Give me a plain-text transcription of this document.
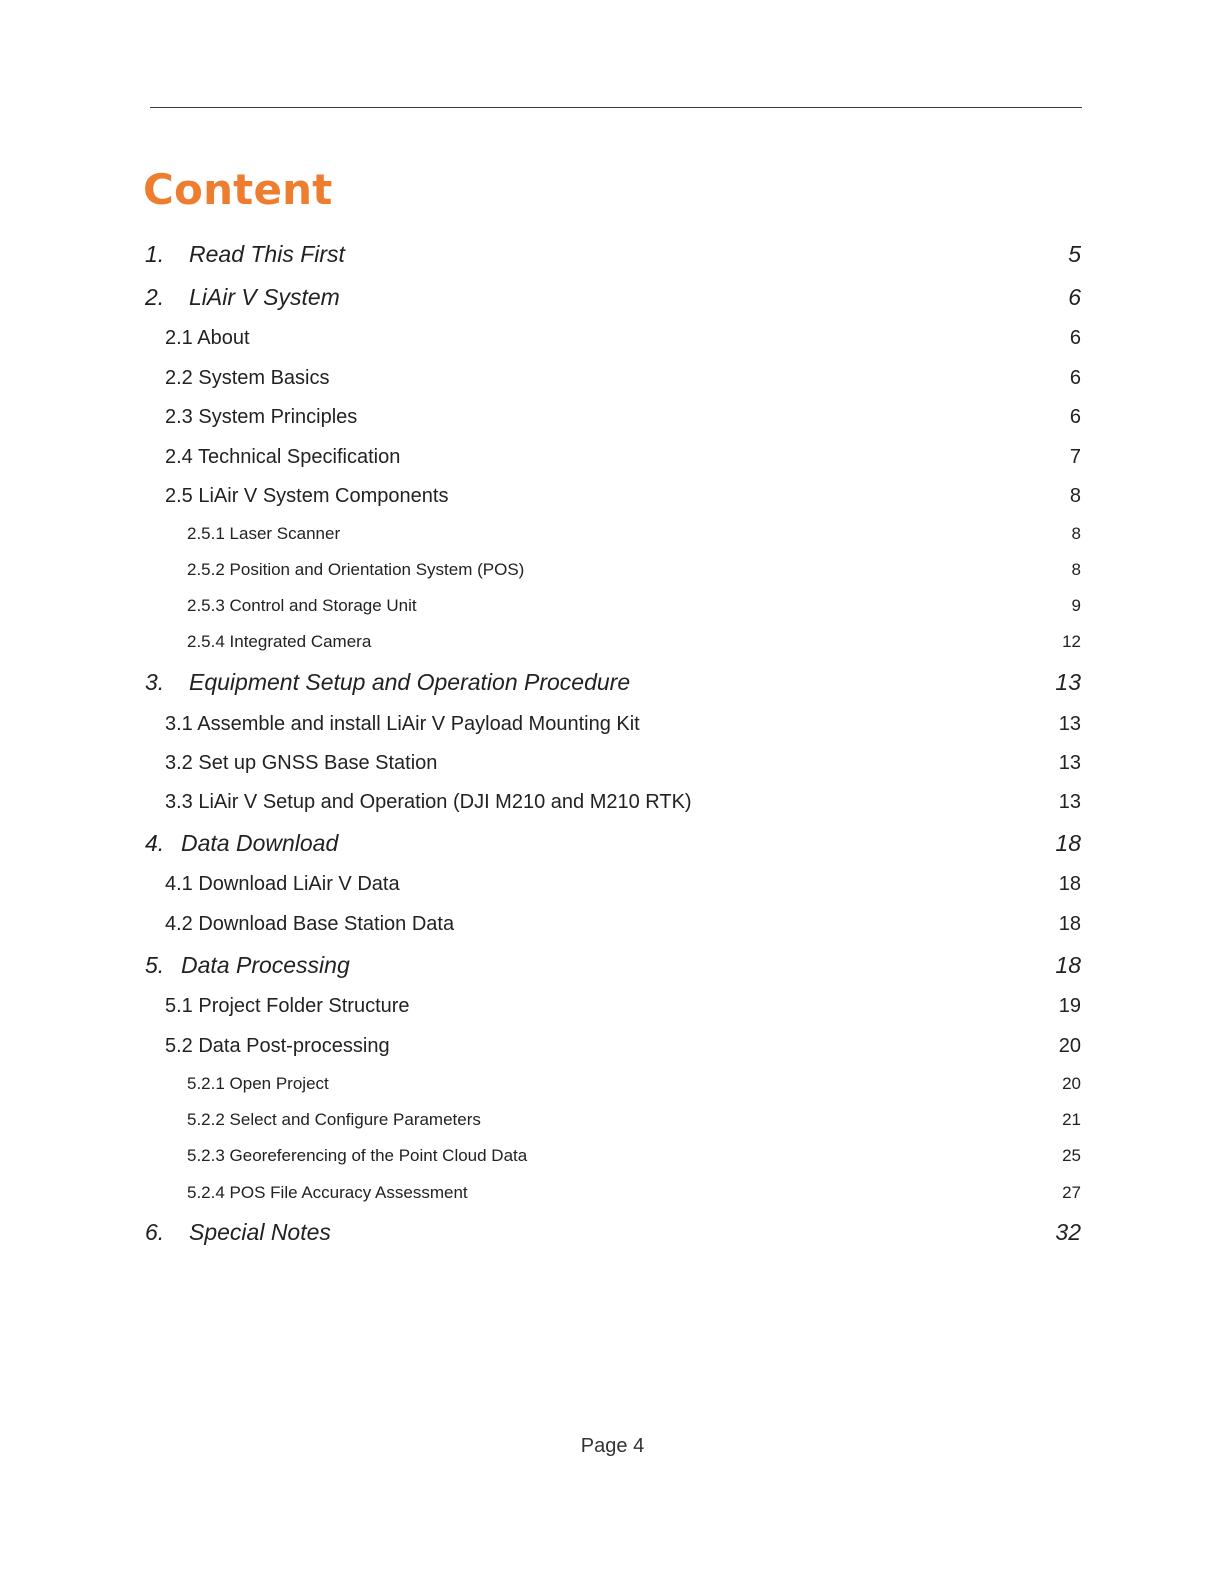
Content
1. Read This First	5
2. LiAir V System	6
2.1 About	6
2.2 System Basics	6
2.3 System Principles	6
2.4 Technical Specification	7
2.5 LiAir V System Components	8
2.5.1 Laser Scanner	8
2.5.2 Position and Orientation System (POS)	8
2.5.3 Control and Storage Unit	9
2.5.4 Integrated Camera	12
3. Equipment Setup and Operation Procedure	13
3.1 Assemble and install LiAir V Payload Mounting Kit	13
3.2 Set up GNSS Base Station	13
3.3 LiAir V Setup and Operation (DJI M210 and M210 RTK)	13
4. Data Download	18
4.1 Download LiAir V Data	18
4.2 Download Base Station Data	18
5. Data Processing	18
5.1 Project Folder Structure	19
5.2 Data Post-processing	20
5.2.1 Open Project	20
5.2.2 Select and Configure Parameters	21
5.2.3 Georeferencing of the Point Cloud Data	25
5.2.4 POS File Accuracy Assessment	27
6. Special Notes	32
Page 4
